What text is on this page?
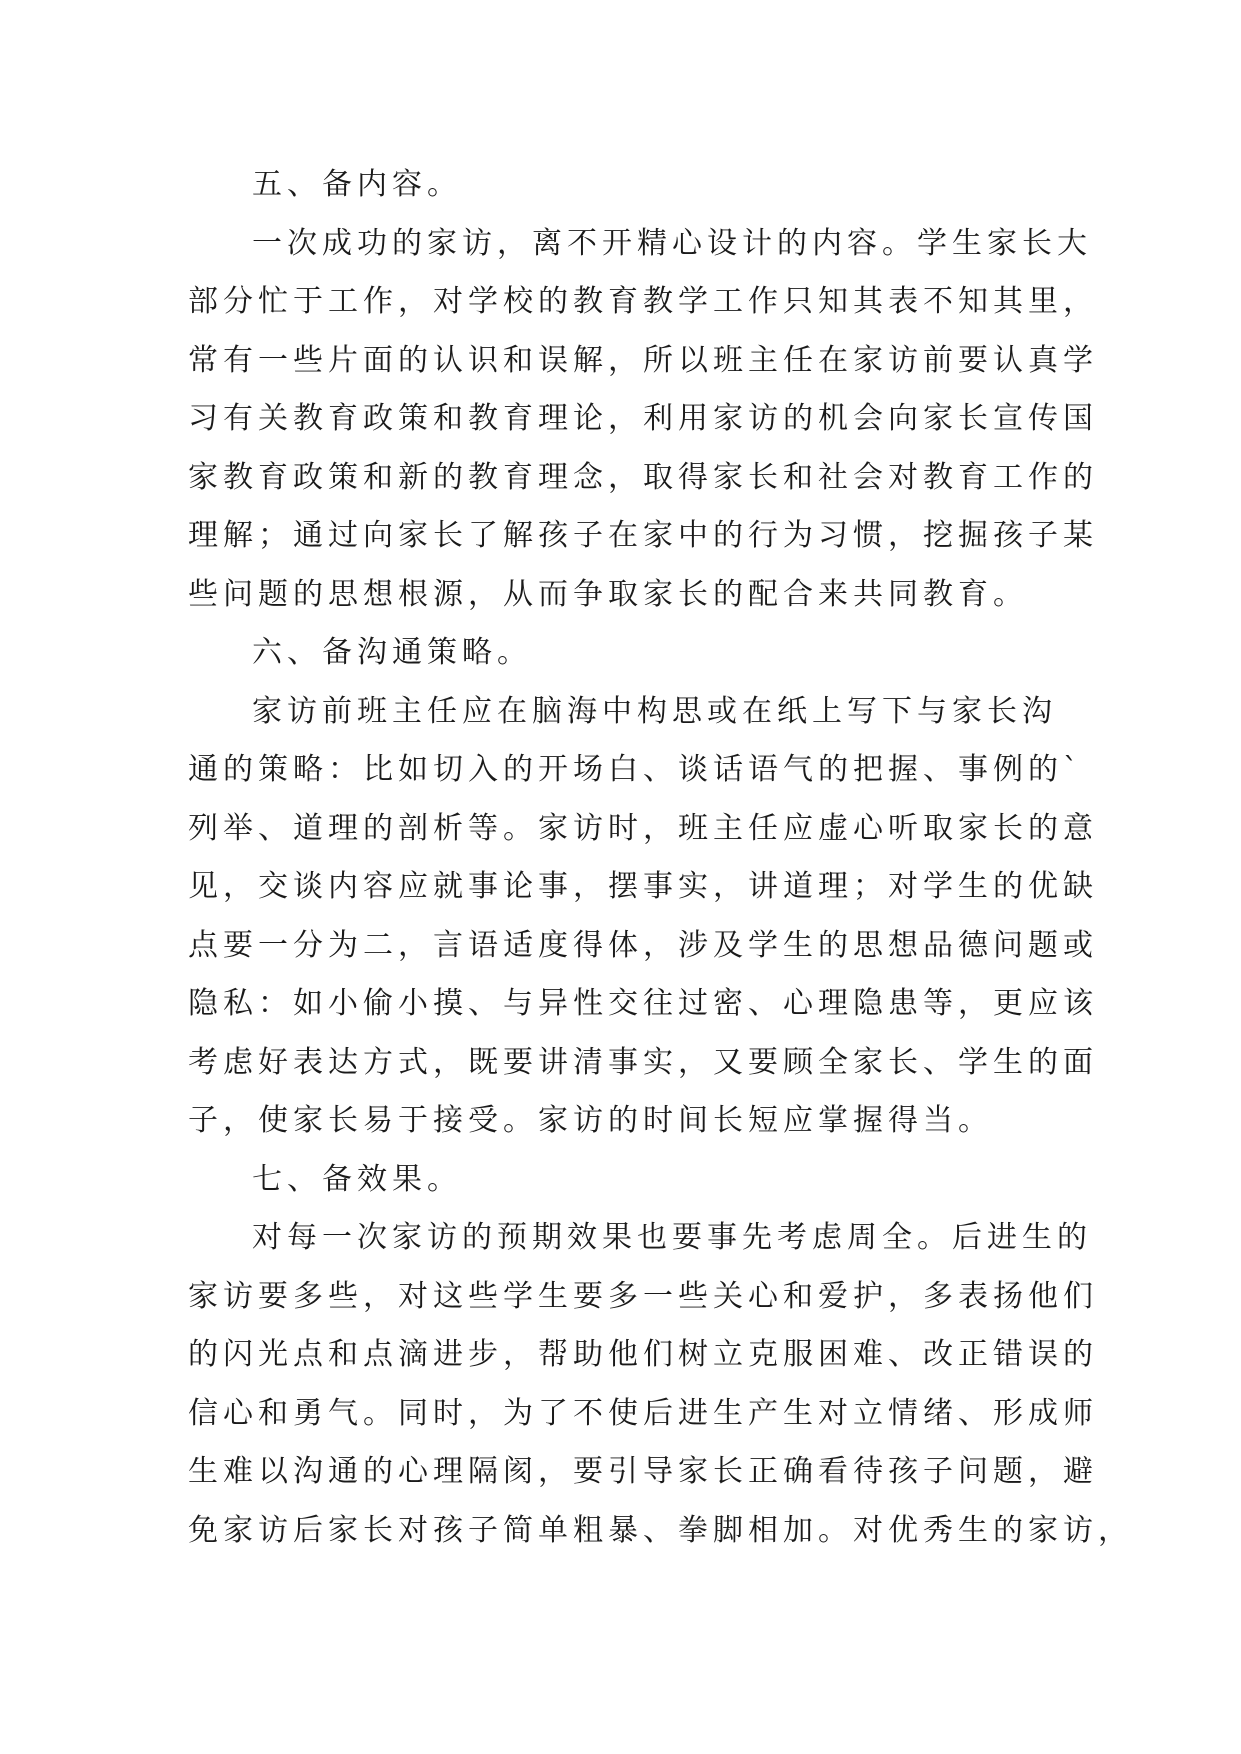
五、备内容。
一次成功的家访，离不开精心设计的内容。学生家长大
部分忙于工作，对学校的教育教学工作只知其表不知其里，
常有一些片面的认识和误解，所以班主任在家访前要认真学
习有关教育政策和教育理论，利用家访的机会向家长宣传国
家教育政策和新的教育理念，取得家长和社会对教育工作的
理解；通过向家长了解孩子在家中的行为习惯，挖掘孩子某
些问题的思想根源，从而争取家长的配合来共同教育。
六、备沟通策略。
家访前班主任应在脑海中构思或在纸上写下与家长沟
通的策略：比如切入的开场白、谈话语气的把握、事例的`
列举、道理的剖析等。家访时，班主任应虚心听取家长的意
见，交谈内容应就事论事，摆事实，讲道理；对学生的优缺
点要一分为二，言语适度得体，涉及学生的思想品德问题或
隐私：如小偷小摸、与异性交往过密、心理隐患等，更应该
考虑好表达方式，既要讲清事实，又要顾全家长、学生的面
子，使家长易于接受。家访的时间长短应掌握得当。
七、备效果。
对每一次家访的预期效果也要事先考虑周全。后进生的
家访要多些，对这些学生要多一些关心和爱护，多表扬他们
的闪光点和点滴进步，帮助他们树立克服困难、改正错误的
信心和勇气。同时，为了不使后进生产生对立情绪、形成师
生难以沟通的心理隔阂，要引导家长正确看待孩子问题，避
免家访后家长对孩子简单粗暴、拳脚相加。对优秀生的家访，
